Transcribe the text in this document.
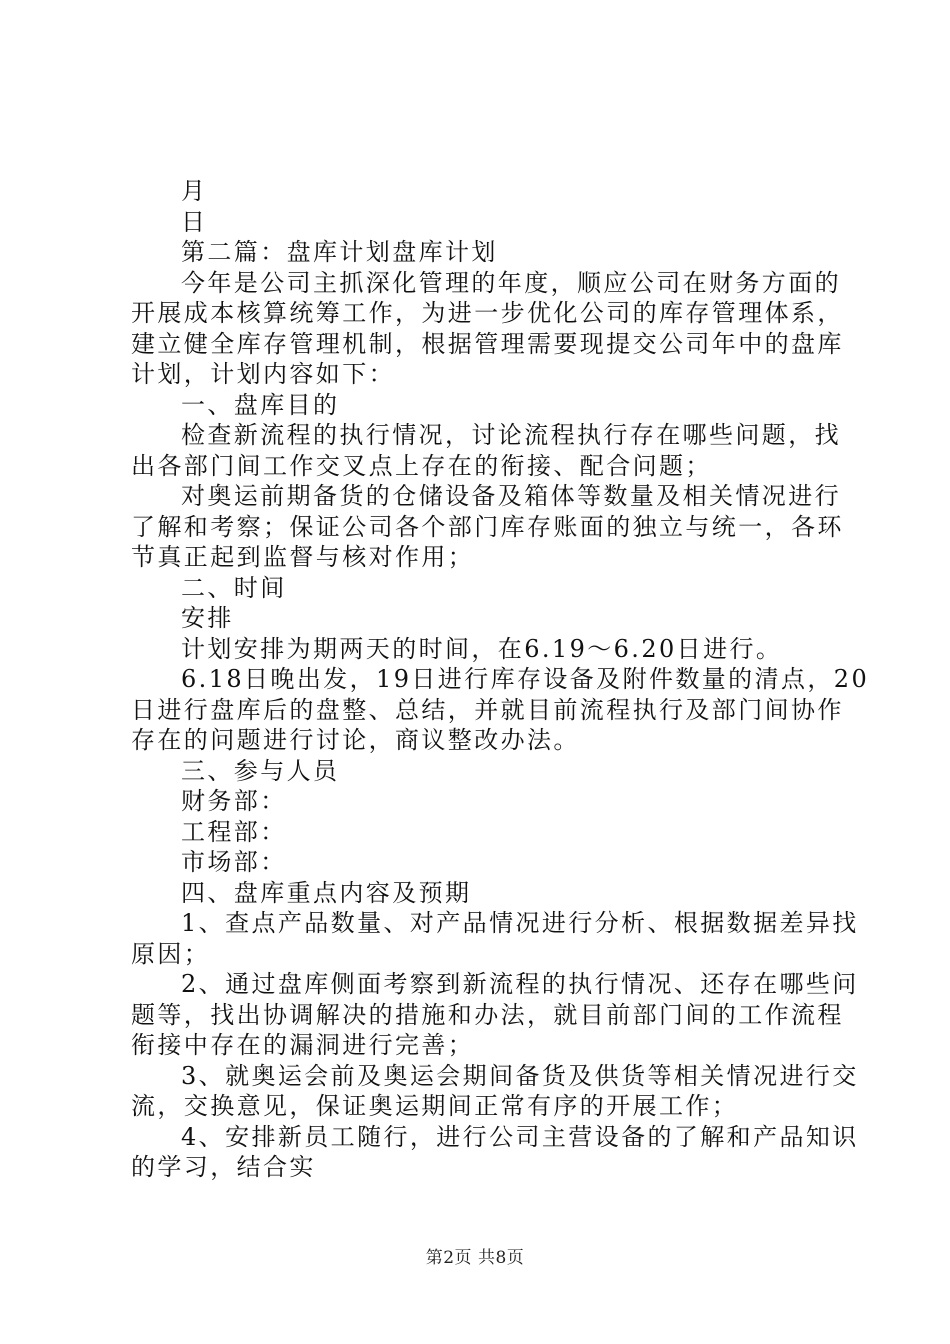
月
日
第二篇：盘库计划盘库计划
今年是公司主抓深化管理的年度，顺应公司在财务方面的
开展成本核算统筹工作，为进一步优化公司的库存管理体系，
建立健全库存管理机制，根据管理需要现提交公司年中的盘库
计划，计划内容如下：
一、盘库目的
检查新流程的执行情况，讨论流程执行存在哪些问题，找
出各部门间工作交叉点上存在的衔接、配合问题；
对奥运前期备货的仓储设备及箱体等数量及相关情况进行
了解和考察；保证公司各个部门库存账面的独立与统一，各环
节真正起到监督与核对作用；
二、时间
安排
计划安排为期两天的时间，在6.19～6.20日进行。
6.18日晚出发，19日进行库存设备及附件数量的清点，20
日进行盘库后的盘整、总结，并就目前流程执行及部门间协作
存在的问题进行讨论，商议整改办法。
三、参与人员
财务部：
工程部：
市场部：
四、盘库重点内容及预期
1、查点产品数量、对产品情况进行分析、根据数据差异找
原因；
2、通过盘库侧面考察到新流程的执行情况、还存在哪些问
题等，找出协调解决的措施和办法，就目前部门间的工作流程
衔接中存在的漏洞进行完善；
3、就奥运会前及奥运会期间备货及供货等相关情况进行交
流，交换意见，保证奥运期间正常有序的开展工作；
4、安排新员工随行，进行公司主营设备的了解和产品知识
的学习，结合实
第2页 共8页
